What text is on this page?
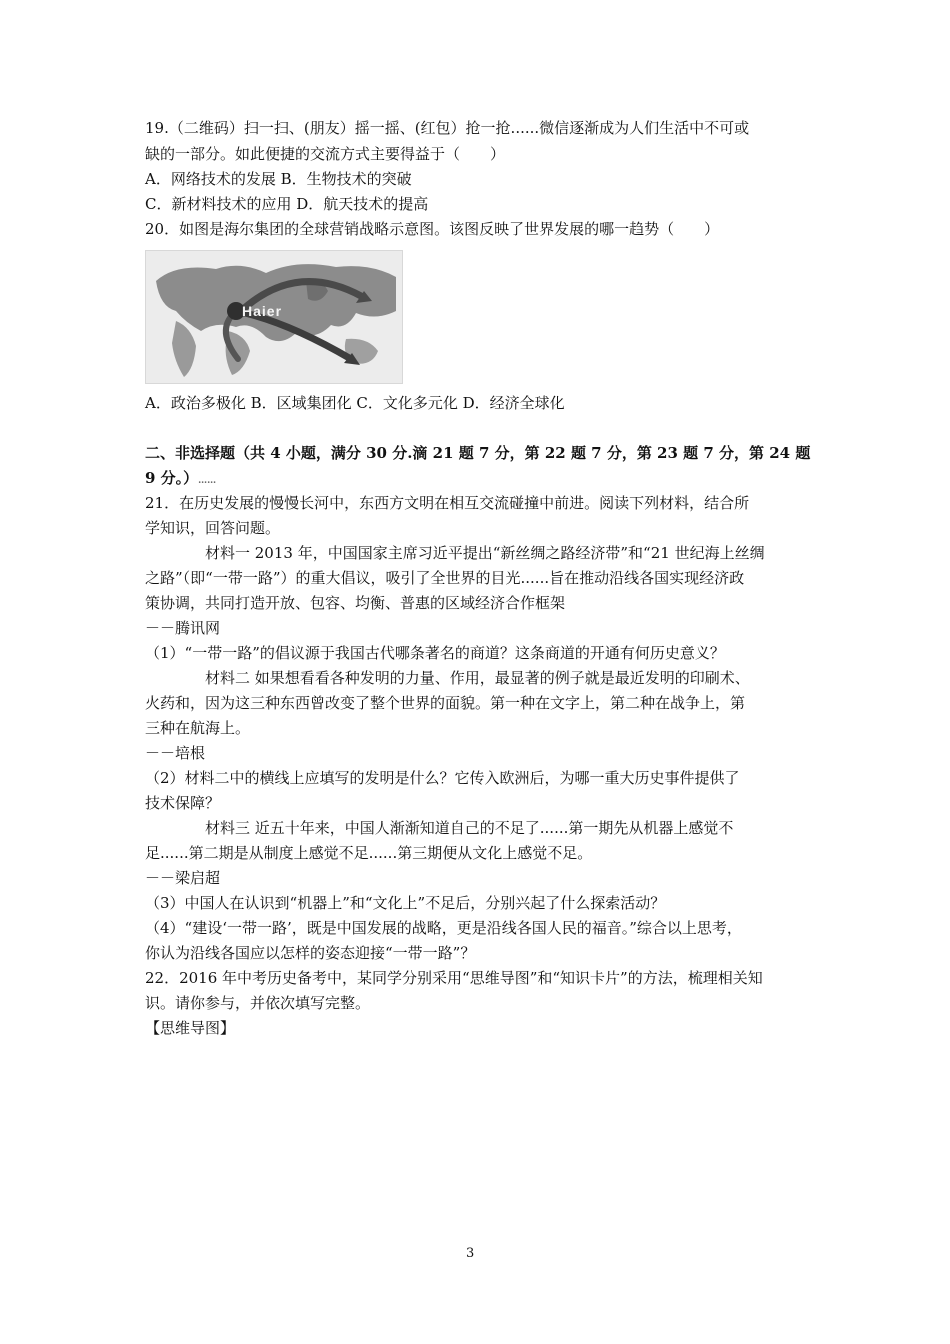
19.（二维码）扫一扫、(朋友）摇一摇、(红包）抢一抢......微信逐渐成为人们生活中不可或
缺的一部分。如此便捷的交流方式主要得益于（　　）
A．网络技术的发展 B．生物技术的突破
C．新材料技术的应用 D．航天技术的提高
20．如图是海尔集团的全球营销战略示意图。该图反映了世界发展的哪一趋势（　　）
Haier
A．政治多极化 B．区域集团化 C．文化多元化 D．经济全球化
二、非选择题（共 4 小题，满分 30 分.滴 21 题 7 分，第 22 题 7 分，第 23 题 7 分，第 24 题
9 分。）……
21．在历史发展的慢慢长河中，东西方文明在相互交流碰撞中前进。阅读下列材料，结合所
学知识，回答问题。
材料一 2013 年，中国国家主席习近平提出“新丝绸之路经济带”和“21 世纪海上丝绸
之路”（即“一带一路”）的重大倡议，吸引了全世界的目光......旨在推动沿线各国实现经济政
策协调，共同打造开放、包容、均衡、普惠的区域经济合作框架
－－腾讯网
（1）“一带一路”的倡议源于我国古代哪条著名的商道？这条商道的开通有何历史意义？
材料二 如果想看看各种发明的力量、作用，最显著的例子就是最近发明的印刷术、
火药和，因为这三种东西曾改变了整个世界的面貌。第一种在文字上，第二种在战争上，第
三种在航海上。
－－培根
（2）材料二中的横线上应填写的发明是什么？它传入欧洲后，为哪一重大历史事件提供了
技术保障？
材料三 近五十年来，中国人渐渐知道自己的不足了......第一期先从机器上感觉不
足......第二期是从制度上感觉不足......第三期便从文化上感觉不足。
－－梁启超
（3）中国人在认识到“机器上”和“文化上”不足后，分别兴起了什么探索活动？
（4）“建设‘一带一路’，既是中国发展的战略，更是沿线各国人民的福音。”综合以上思考，
你认为沿线各国应以怎样的姿态迎接“一带一路”？
22．2016 年中考历史备考中，某同学分别采用“思维导图”和“知识卡片”的方法，梳理相关知
识。请你参与，并依次填写完整。
【思维导图】
3
